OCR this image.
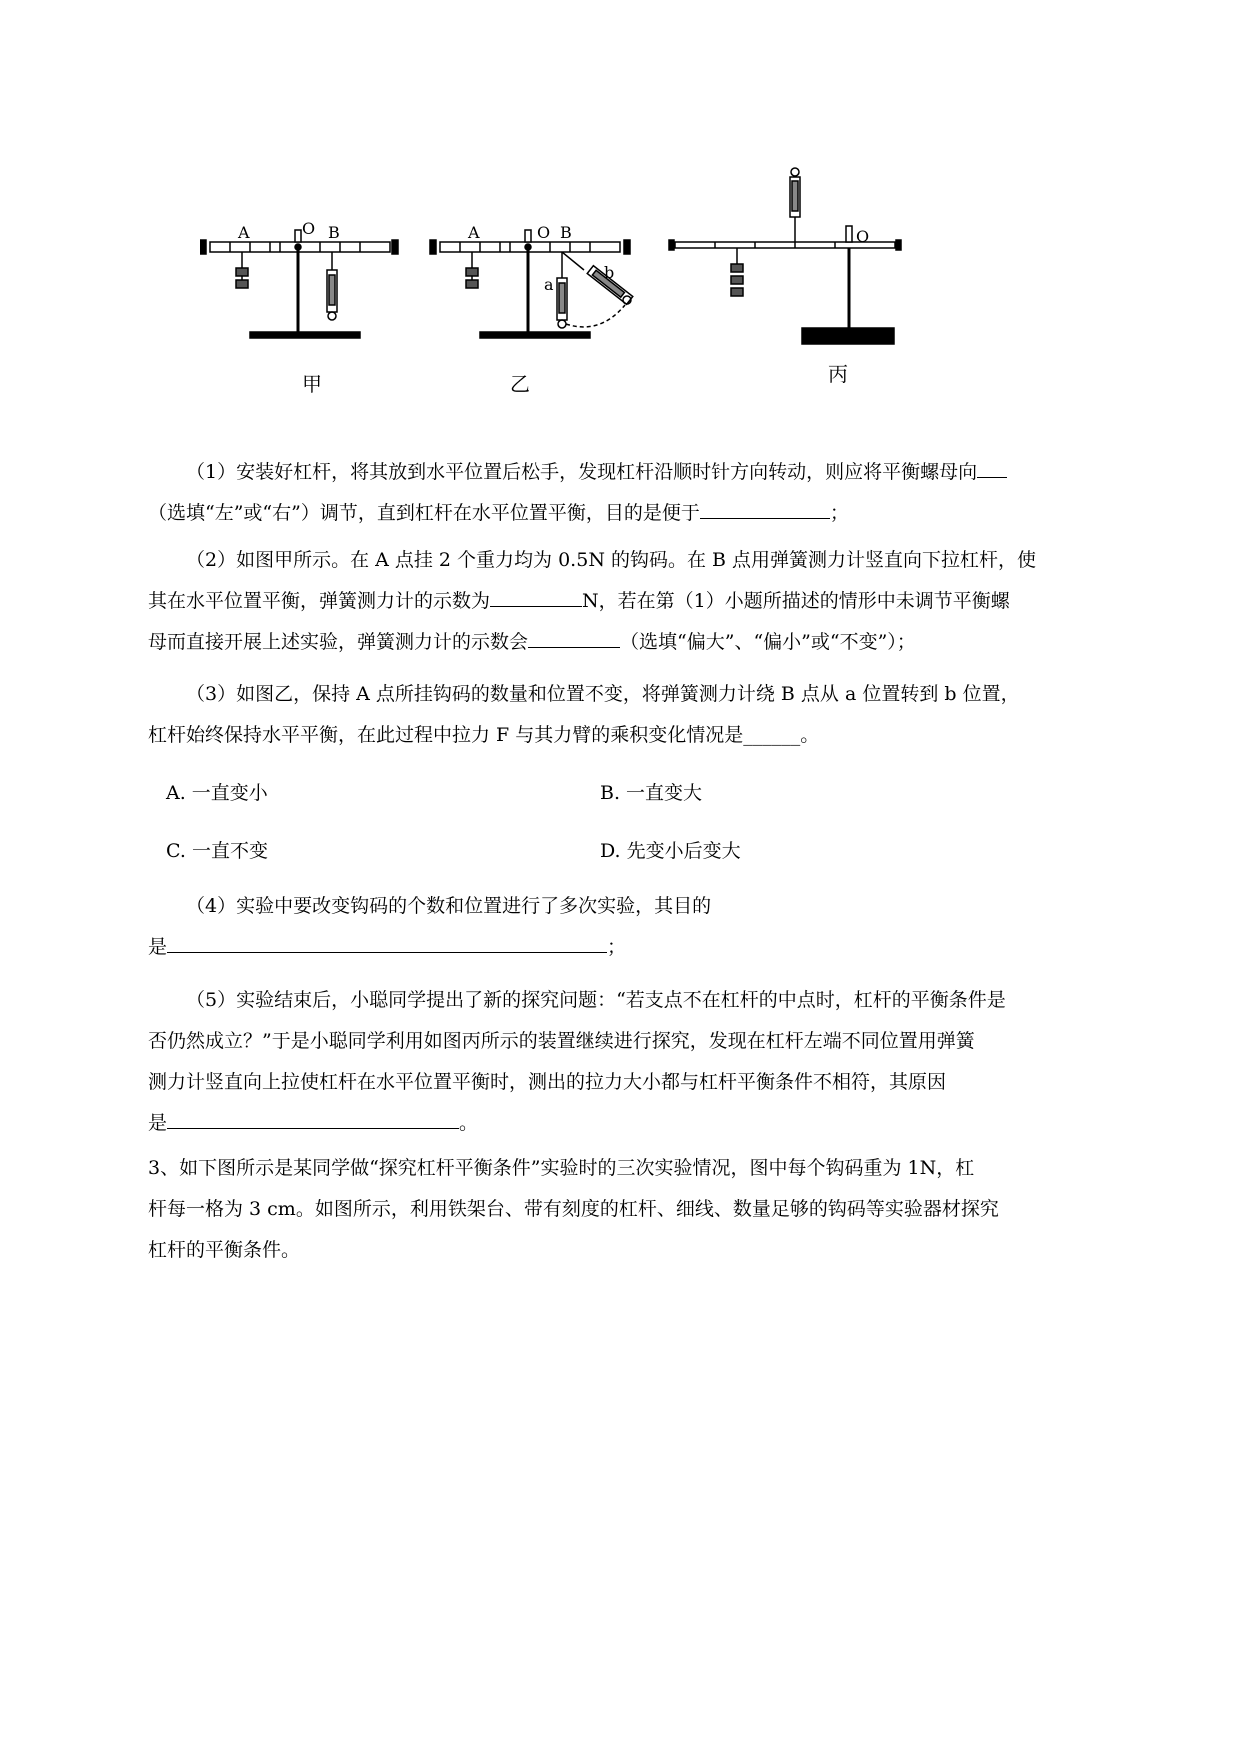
A	O B	A	O B
a
b
O
甲	乙	丙
（1）安装好杠杆，将其放到水平位置后松手，发现杠杆沿顺时针方向转动，则应将平衡螺母向
（选填“左”或“右”）调节，直到杠杆在水平位置平衡，目的是便于	；
（2）如图甲所示。在 A 点挂 2 个重力均为 0.5N 的钩码。在 B 点用弹簧测力计竖直向下拉杠杆，使
其在水平位置平衡，弹簧测力计的示数为	N，若在第（1）小题所描述的情形中未调节平衡螺
母而直接开展上述实验，弹簧测力计的示数会	（选填“偏大”、“偏小”或“不变”）；
（3）如图乙，保持 A 点所挂钩码的数量和位置不变，将弹簧测力计绕 B 点从 a 位置转到 b 位置，
杠杆始终保持水平平衡，在此过程中拉力 F 与其力臂的乘积变化情况是______。
A. 一直变小	B. 一直变大
C. 一直不变	D. 先变小后变大
（4）实验中要改变钩码的个数和位置进行了多次实验，其目的
是	；
（5）实验结束后，小聪同学提出了新的探究问题：“若支点不在杠杆的中点时，杠杆的平衡条件是
否仍然成立？”于是小聪同学利用如图丙所示的装置继续进行探究，发现在杠杆左端不同位置用弹簧
测力计竖直向上拉使杠杆在水平位置平衡时，测出的拉力大小都与杠杆平衡条件不相符，其原因
是	。
3、如下图所示是某同学做“探究杠杆平衡条件”实验时的三次实验情况，图中每个钩码重为 1N，杠
杆每一格为 3 cm。如图所示，利用铁架台、带有刻度的杠杆、细线、数量足够的钩码等实验器材探究
杠杆的平衡条件。
